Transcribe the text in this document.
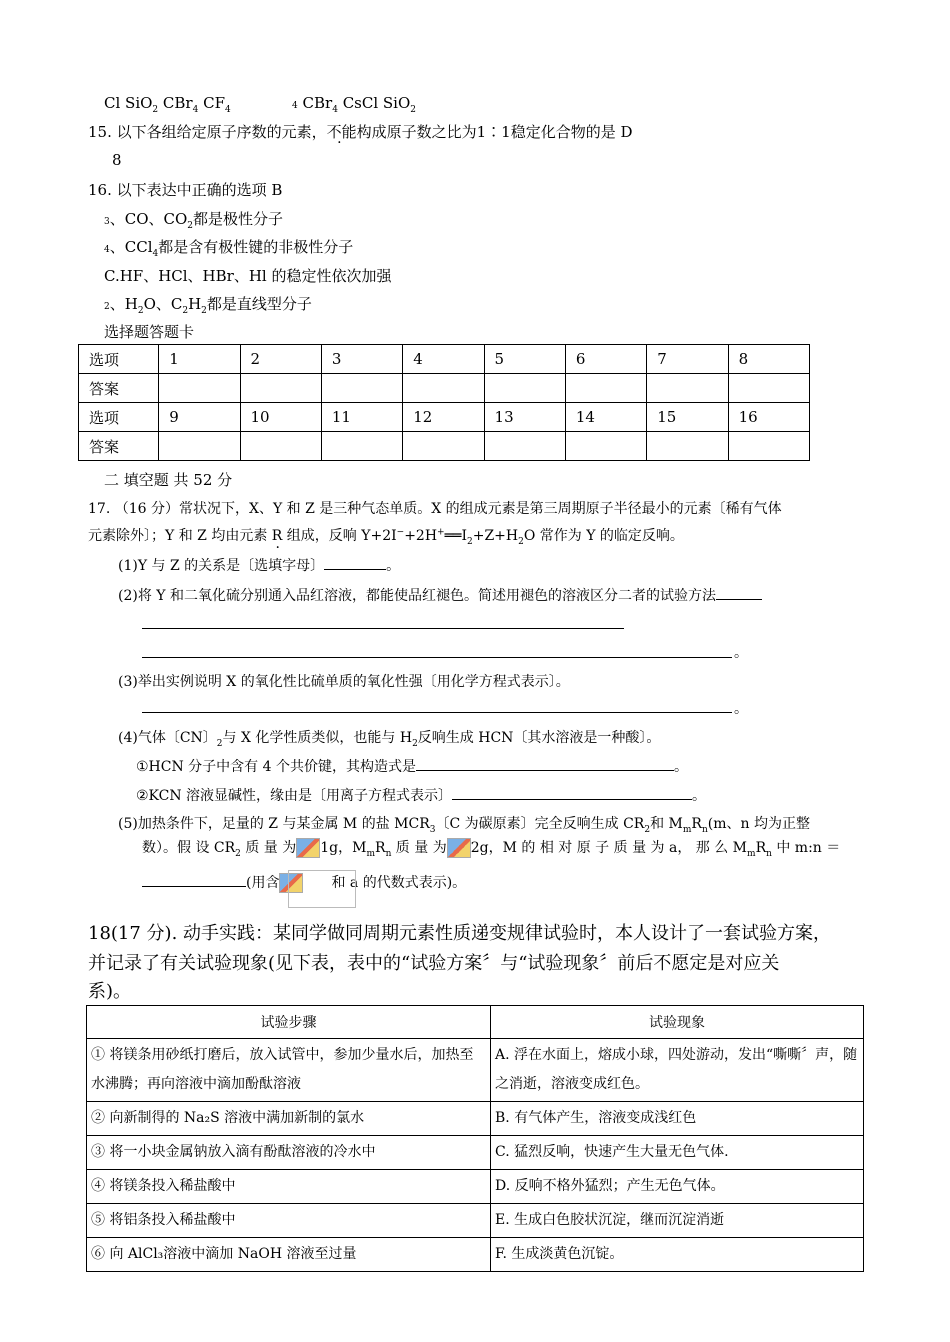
Cl SiO$_2$ CBr$_4$ $CF_4$	4 CBr$_4$ CsCl SiO$_2$
15. 以下各组给定原子序数的元素，不能构成原子数之比为1∶1稳定化合物的是 D
8
16. 以下表达中正确的选项 B
3、CO、$CO_2$都是极性分子
4、CCl$_4$都是含有极性键的非极性分子
C.HF、HCl、HBr、Hl 的稳定性依次加强
2、$H_2O$、$C_2H_2$都是直线型分子
选择题答题卡
选项	1	2	3	4	5	6	7	8
答案								
选项	9	10	11	12	13	14	15	16
答案								
二 填空题 共 52 分
17. （16 分）常状况下，X、Y 和 Z 是三种气态单质。X 的组成元素是第三周期原子半径最小的元素〔稀有气体
元素除外〕；Y 和 Z 均由元素 R · 组成，反响 $Y+2I^-+2H^+══I_2+Z+H_2O$ 常作为 Y 的临定反响。
(1)Y 与 Z 的关系是〔选填字母〕	。
(2)将 Y 和二氧化硫分别通入品红溶液，都能使品红褪色。简述用褪色的溶液区分二者的试验方法
。
(3)举出实例说明 X 的氧化性比硫单质的氧化性强〔用化学方程式表示〕。
。
(4)气体〔CN〕$_2$与 X 化学性质类似，也能与 $H_2$反响生成 HCN〔其水溶液是一种酸〕。
①HCN 分子中含有 4 个共价键，其构造式是	。
②KCN 溶液显碱性，缘由是〔用离子方程式表示〕	。
(5)加热条件下，足量的 Z 与某金属 M 的盐 $MCR_3$〔C 为碳原素〕完全反响生成 $CR_2$和 $M_mR_n(m$、n 均为正整
数）。假 设 $CR_2$ 质 量 为 1g，$M_mR_n$ 质 量 为 2g，M 的 相 对 原 子 质 量 为 a， 那 么 $M_mR_n$ 中 m:n ＝
(用含	和 a 的代数式表示)。
18(17 分). 动手实践：某同学做同周期元素性质递变规律试验时，本人设计了一套试验方案，
并记录了有关试验现象(见下表，表中的“试验方案〞与“试验现象〞前后不愿定是对应关
系)。
试验步骤	试验现象
① 将镁条用砂纸打磨后，放入试管中，参加少量水后，加热至水沸腾；再向溶液中滴加酚酞溶液	A. 浮在水面上，熔成小球，四处游动，发出“嘶嘶〞声，随之消逝，溶液变成红色。
② 向新制得的 Na₂S 溶液中满加新制的氯水	B. 有气体产生，溶液变成浅红色
③ 将一小块金属钠放入滴有酚酞溶液的冷水中	C. 猛烈反响，快速产生大量无色气体.
④ 将镁条投入稀盐酸中	D. 反响不格外猛烈；产生无色气体。
⑤ 将铝条投入稀盐酸中	E. 生成白色胶状沉淀，继而沉淀消逝
⑥ 向 AlCl₃溶液中滴加 NaOH 溶液至过量	F. 生成淡黄色沉锭。
